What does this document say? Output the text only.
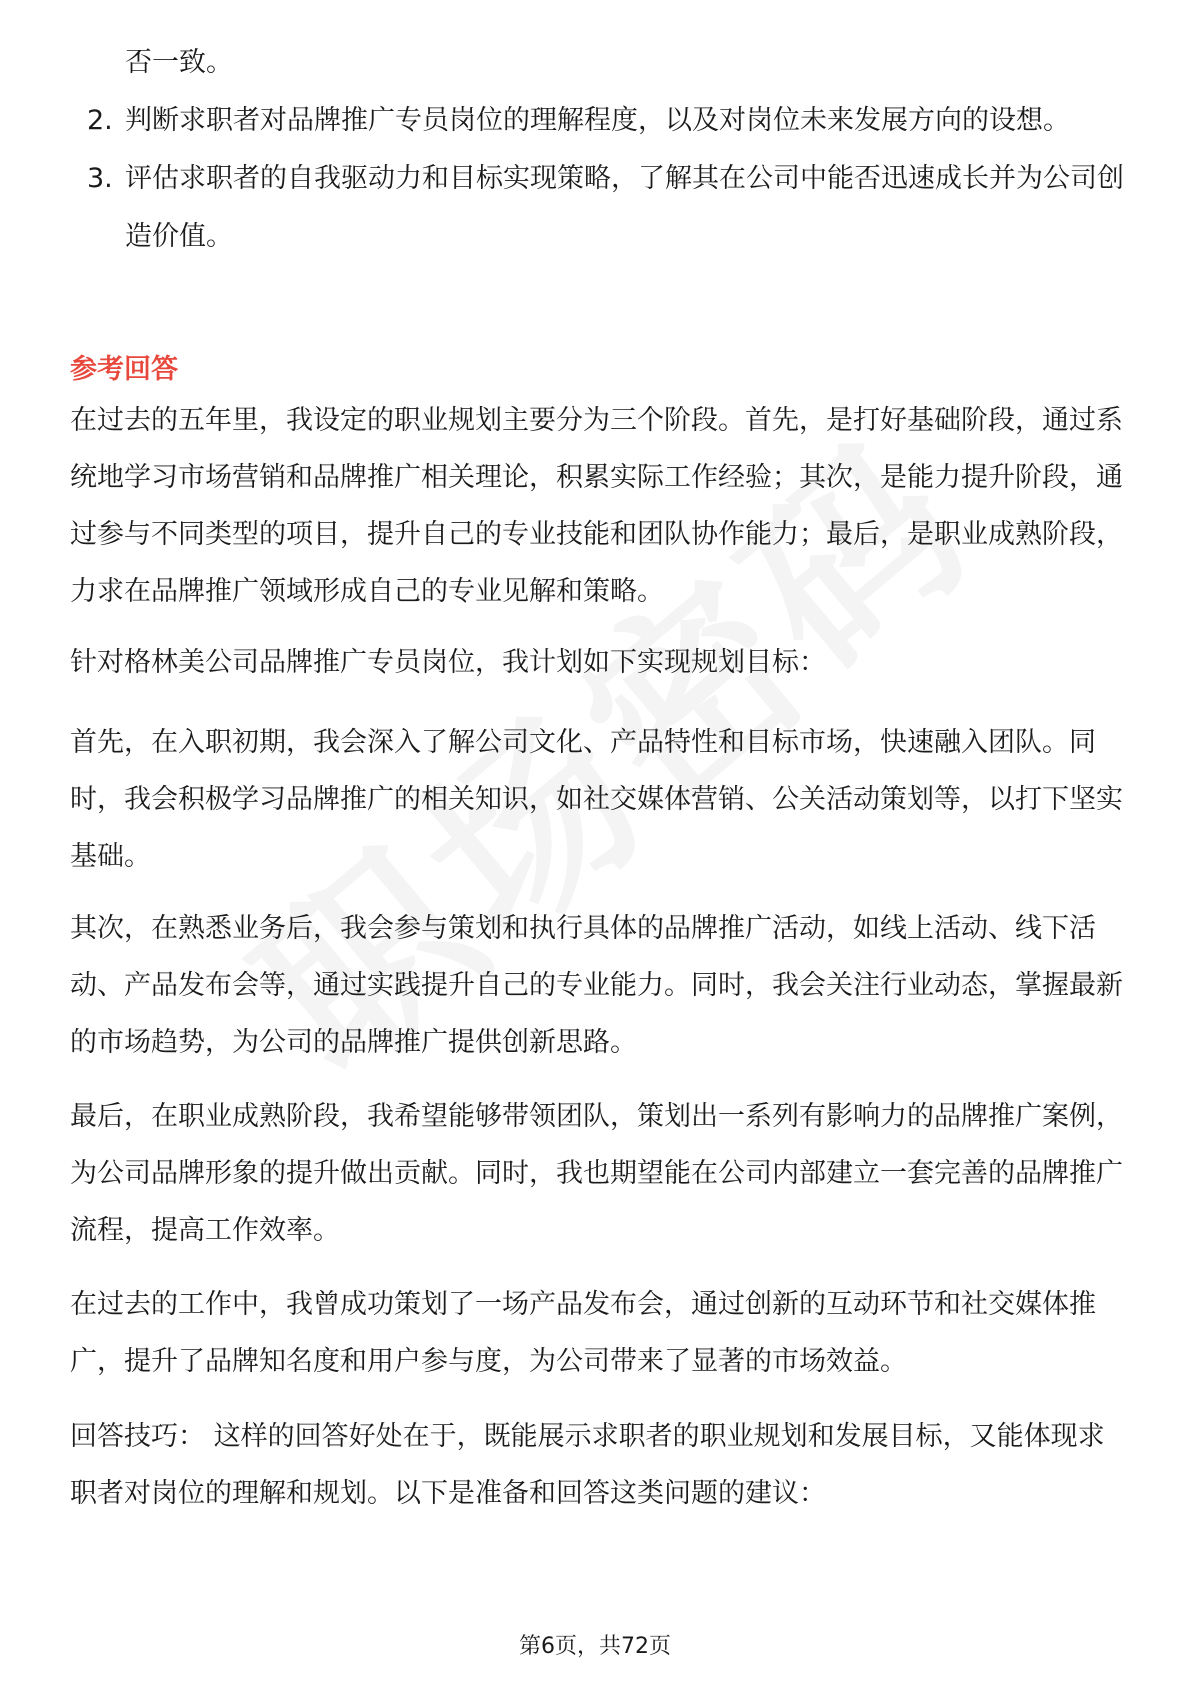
否一致。
2. 判断求职者对品牌推广专员岗位的理解程度，以及对岗位未来发展方向的设想。
3. 评估求职者的自我驱动力和目标实现策略，了解其在公司中能否迅速成长并为公司创造价值。
参考回答
在过去的五年里，我设定的职业规划主要分为三个阶段。首先，是打好基础阶段，通过系统地学习市场营销和品牌推广相关理论，积累实际工作经验；其次，是能力提升阶段，通过参与不同类型的项目，提升自己的专业技能和团队协作能力；最后，是职业成熟阶段，力求在品牌推广领域形成自己的专业见解和策略。
针对格林美公司品牌推广专员岗位，我计划如下实现规划目标：
首先，在入职初期，我会深入了解公司文化、产品特性和目标市场，快速融入团队。同时，我会积极学习品牌推广的相关知识，如社交媒体营销、公关活动策划等，以打下坚实基础。
其次，在熟悉业务后，我会参与策划和执行具体的品牌推广活动，如线上活动、线下活动、产品发布会等，通过实践提升自己的专业能力。同时，我会关注行业动态，掌握最新的市场趋势，为公司的品牌推广提供创新思路。
最后，在职业成熟阶段，我希望能够带领团队，策划出一系列有影响力的品牌推广案例，为公司品牌形象的提升做出贡献。同时，我也期望能在公司内部建立一套完善的品牌推广流程，提高工作效率。
在过去的工作中，我曾成功策划了一场产品发布会，通过创新的互动环节和社交媒体推广，提升了品牌知名度和用户参与度，为公司带来了显著的市场效益。
回答技巧： 这样的回答好处在于，既能展示求职者的职业规划和发展目标，又能体现求职者对岗位的理解和规划。以下是准备和回答这类问题的建议：
第6页，共72页
